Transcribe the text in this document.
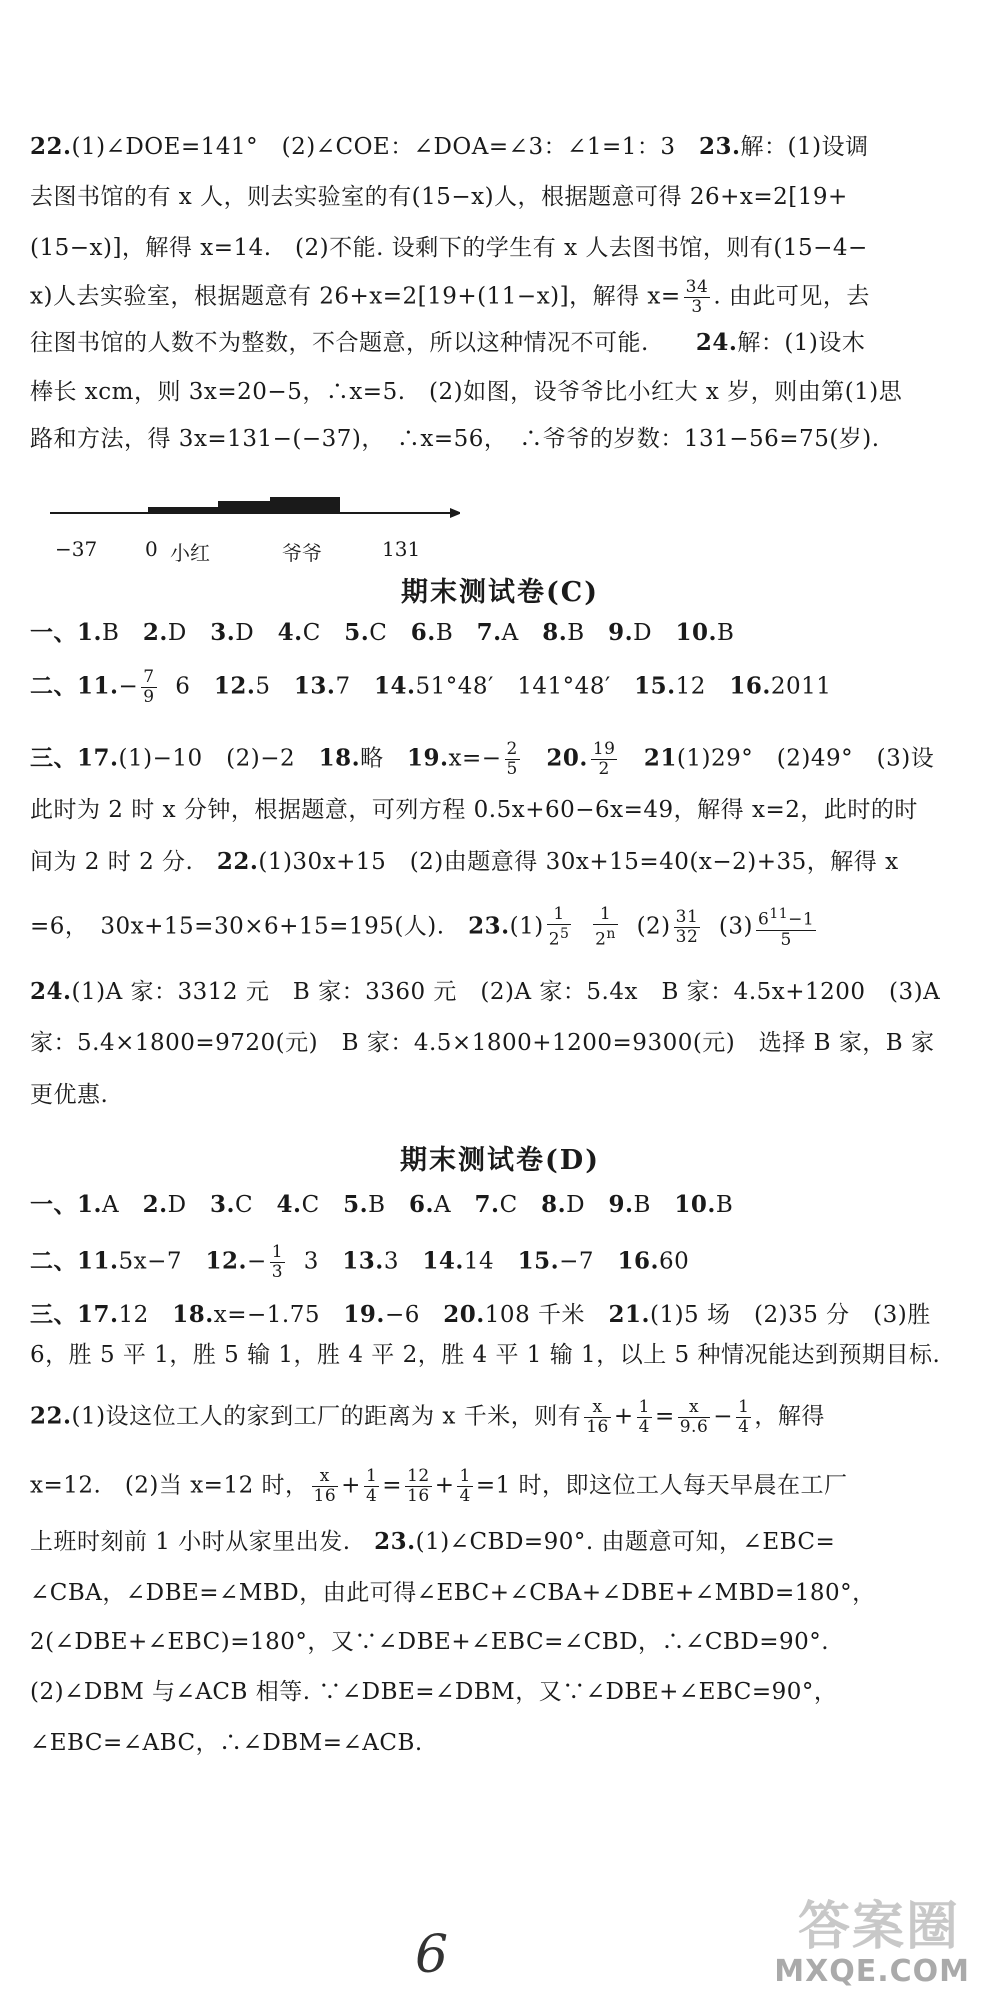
22.(1)∠DOE=141°　(2)∠COE：∠DOA=∠3：∠1=1：3　23.解：(1)设调
去图书馆的有 x 人，则去实验室的有(15−x)人，根据题意可得 26+x=2[19+
(15−x)]，解得 x=14.　(2)不能. 设剩下的学生有 x 人去图书馆，则有(15−4−
x)人去实验室，根据题意有 26+x=2[19+(11−x)]，解得 $x= \frac{34}{3}$ . 由此可见，去
往图书馆的人数不为整数，不合题意，所以这种情况不可能.　　24.解：(1)设木
棒长 xcm，则 3x=20−5，∴x=5.　(2)如图，设爷爷比小红大 x 岁，则由第(1)思
路和方法，得 3x=131−(−37)，　∴x=56，　∴爷爷的岁数：131−56=75(岁).
−37 0 小红	爷爷	131
期末测试卷(C)
一、1.B 2.D 3.D 4.C 5.C 6.B 7.A 8.B 9.D 10.B
二、$11.- \frac{7}{9} 6$ 12.5 13.7 14.51°48′　141°48′ 15.12 16.2011
三、17.(1)−10　(2)−2 18.略 $19.x=- \frac{2}{5} 20$. $\frac{19}{2} 21(1)29^\circ$　(2)49°　(3)设
此时为 2 时 x 分钟，根据题意，可列方程 0.5x+60−6x=49，解得 x=2，此时的时
间为 2 时 2 分.　22.(1)30x+15　(2)由题意得 30x+15=40(x−2)+35，解得 x
=6，　30x+15=30×6+15=195(人).　$23.(1) \frac{1}{2^5}$
$\frac{1}{2^n} (2) \frac{31}{32} (3) \frac{6^{11}-1}{5}$
24.(1)A 家：3312 元　B 家：3360 元　(2)A 家：5.4x　B 家：4.5x+1200　(3)A
家：5.4×1800=9720(元)　B 家：4.5×1800+1200=9300(元)　选择 B 家，B 家
更优惠.
期末测试卷(D)
一、1.A 2.D 3.C 4.C 5.B 6.A 7.C 8.D 9.B 10.B
二、11.5x−7 $12.- \frac{1}{3} 3$ 13.3 14.14 15.−7 16.60
三、17.12 18.x=−1.75 19.−6 20.108 千米 21.(1)5 场　(2)35 分　(3)胜
6，胜 5 平 1，胜 5 输 1，胜 4 平 2，胜 4 平 1 输 1，以上 5 种情况能达到预期目标.
22.(1)设这位工人的家到工厂的距离为 x 千米，则有 $\frac{x}{16} + \frac{1}{4} = \frac{x}{9.6} - \frac{1}{4}$ ，解得
x=12.　(2)当 x=12 时， $\frac{x}{16} + \frac{1}{4} = \frac{12}{16} + \frac{1}{4} =1$ 时，即这位工人每天早晨在工厂
上班时刻前 1 小时从家里出发.　23.(1)∠CBD=90°. 由题意可知，∠EBC=
∠CBA，∠DBE=∠MBD，由此可得∠EBC+∠CBA+∠DBE+∠MBD=180°，
2(∠DBE+∠EBC)=180°，又∵∠DBE+∠EBC=∠CBD，∴∠CBD=90°.
(2)∠DBM 与∠ACB 相等. ∵∠DBE=∠DBM，又∵∠DBE+∠EBC=90°，
∠EBC=∠ABC，∴∠DBM=∠ACB.
6	答案圈
MXQE.COM
